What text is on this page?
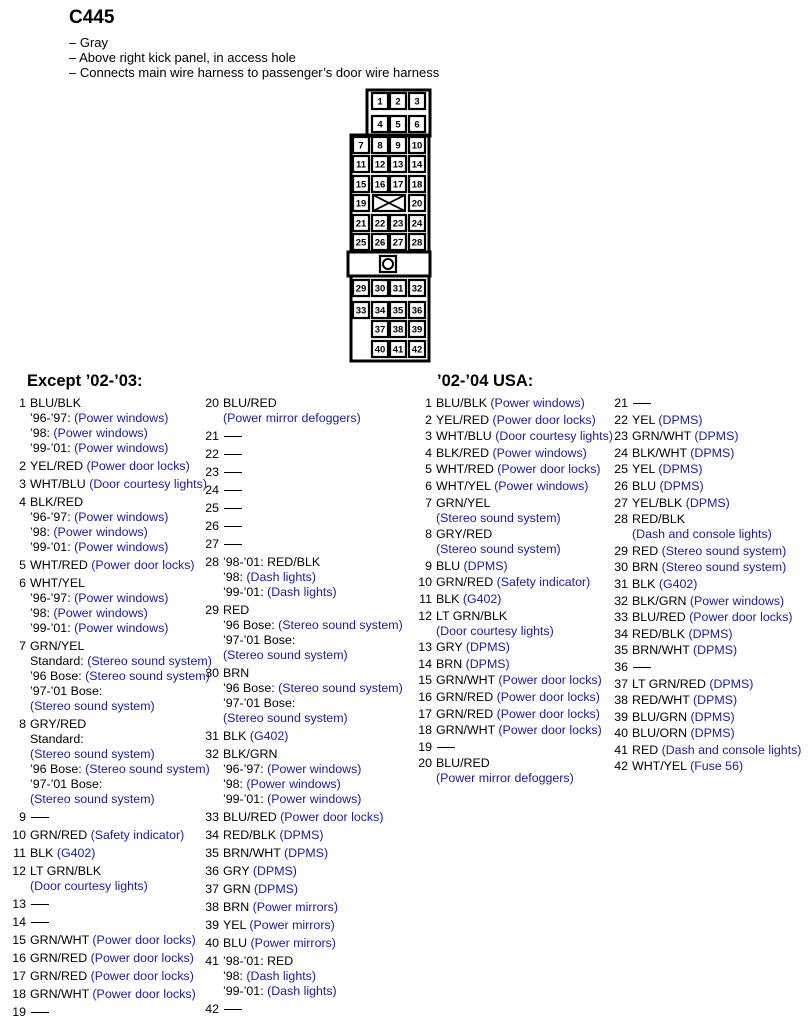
C445
– Gray
– Above right kick panel, in access hole
– Connects main wire harness to passenger’s door wire harness
1 2 3
4 5 6
7 8 9 10
11 12 13 14
15 16 17 18
21 22 23 24
25 26 27 28
29 30 31 32
33 34 35 36
19	20
37 38 39
40 41 42
Except ’02-’03:	’02-’04 USA:
1 BLU/BLK
’96-’97: (Power windows)
’98: (Power windows)
’99-’01: (Power windows)
2 YEL/RED (Power door locks)
3 WHT/BLU (Door courtesy lights)
4 BLK/RED
’96-’97: (Power windows)
’98: (Power windows)
’99-’01: (Power windows)
5 WHT/RED (Power door locks)
6 WHT/YEL
’96-’97: (Power windows)
’98: (Power windows)
’99-’01: (Power windows)
7 GRN/YEL
Standard: (Stereo sound system)
’96 Bose: (Stereo sound system)
’97-’01 Bose:
(Stereo sound system)
8 GRY/RED
Standard:
(Stereo sound system)
’96 Bose: (Stereo sound system)
’97-’01 Bose:
(Stereo sound system)
9
10 GRN/RED (Safety indicator)
11 BLK (G402)
12 LT GRN/BLK
(Door courtesy lights)
13
14
15 GRN/WHT (Power door locks)
16 GRN/RED (Power door locks)
17 GRN/RED (Power door locks)
18 GRN/WHT (Power door locks)
19
20 BLU/RED
(Power mirror defoggers)
21
22
23
24
25
26
27
28 ’98-’01: RED/BLK
’98: (Dash lights)
’99-’01: (Dash lights)
29 RED
’96 Bose: (Stereo sound system)
’97-’01 Bose:
(Stereo sound system)
30 BRN
’96 Bose: (Stereo sound system)
’97-’01 Bose:
(Stereo sound system)
31 BLK (G402)
32 BLK/GRN
’96-’97: (Power windows)
’98: (Power windows)
’99-’01: (Power windows)
33 BLU/RED (Power door locks)
34 RED/BLK (DPMS)
35 BRN/WHT (DPMS)
36 GRY (DPMS)
37 GRN (DPMS)
38 BRN (Power mirrors)
39 YEL (Power mirrors)
40 BLU (Power mirrors)
41 ’98-’01: RED
’98: (Dash lights)
’99-’01: (Dash lights)
42
1 BLU/BLK (Power windows)
2 YEL/RED (Power door locks)
3 WHT/BLU (Door courtesy lights)
4 BLK/RED (Power windows)
5 WHT/RED (Power door locks)
6 WHT/YEL (Power windows)
7 GRN/YEL
(Stereo sound system)
8 GRY/RED
(Stereo sound system)
9 BLU (DPMS)
10 GRN/RED (Safety indicator)
11 BLK (G402)
12 LT GRN/BLK
(Door courtesy lights)
13 GRY (DPMS)
14 BRN (DPMS)
15 GRN/WHT (Power door locks)
16 GRN/RED (Power door locks)
17 GRN/RED (Power door locks)
18 GRN/WHT (Power door locks)
19
20 BLU/RED
(Power mirror defoggers)
21
22 YEL (DPMS)
23 GRN/WHT (DPMS)
24 BLK/WHT (DPMS)
25 YEL (DPMS)
26 BLU (DPMS)
27 YEL/BLK (DPMS)
28 RED/BLK
(Dash and console lights)
29 RED (Stereo sound system)
30 BRN (Stereo sound system)
31 BLK (G402)
32 BLK/GRN (Power windows)
33 BLU/RED (Power door locks)
34 RED/BLK (DPMS)
35 BRN/WHT (DPMS)
36
37 LT GRN/RED (DPMS)
38 RED/WHT (DPMS)
39 BLU/GRN (DPMS)
40 BLU/ORN (DPMS)
41 RED (Dash and console lights)
42 WHT/YEL (Fuse 56)
